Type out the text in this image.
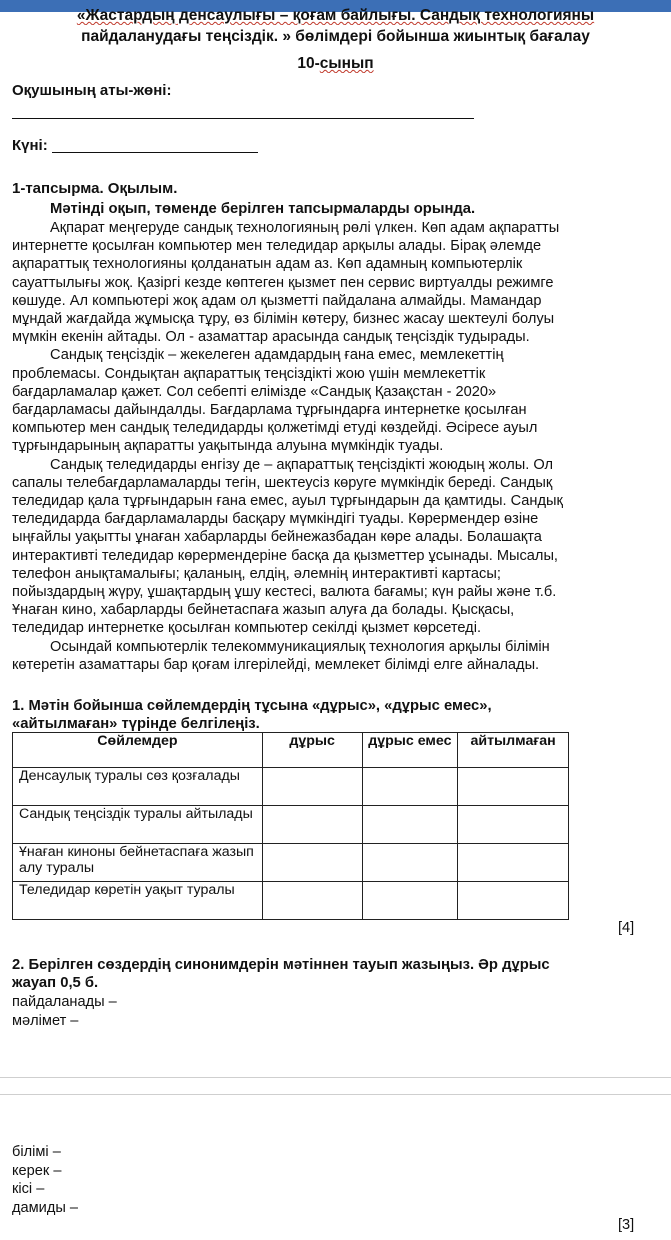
«Жастардың денсаулығы – қоғам байлығы. Сандық технологияны
пайдаланудағы теңсіздік. » бөлімдері бойынша жиынтық бағалау
10-сынып
Оқушының аты-жөні:
Күні:
1-тапсырма. Оқылым.
Мәтінді оқып, төменде берілген тапсырмаларды орында.
Ақпарат меңгеруде сандық технологияның рөлі үлкен. Көп адам ақпаратты
интернетте қосылған компьютер мен теледидар арқылы алады. Бірақ әлемде
ақпараттық технологияны қолданатын адам аз. Көп адамның компьютерлік
сауаттылығы жоқ. Қазіргі кезде көптеген қызмет пен сервис виртуалды режимге
көшуде. Ал компьютері жоқ адам ол қызметті пайдалана алмайды. Мамандар
мұндай жағдайда жұмысқа тұру, өз білімін көтеру, бизнес жасау шектеулі болуы
мүмкін екенін айтады. Ол - азаматтар арасында сандық теңсіздік тудырады.
Сандық теңсіздік – жекелеген адамдардың ғана емес, мемлекеттің
проблемасы. Сондықтан ақпараттық теңсіздікті жою үшін мемлекеттік
бағдарламалар қажет. Сол себепті елімізде «Сандық Қазақстан - 2020»
бағдарламасы дайындалды. Бағдарлама тұрғындарға интернетке қосылған
компьютер мен сандық теледидарды қолжетімді етуді көздейді. Әсіресе ауыл
тұрғындарының ақпаратты уақытында алуына мүмкіндік туады.
Сандық теледидарды енгізу де – ақпараттық теңсіздікті жоюдың жолы. Ол
сапалы телебағдарламаларды тегін, шектеусіз көруге мүмкіндік береді. Сандық
теледидар қала тұрғындарын ғана емес, ауыл тұрғындарын да қамтиды. Сандық
теледидарда бағдарламаларды басқару мүмкіндігі туады. Көрермендер өзіне
ыңғайлы уақытты ұнаған хабарларды бейнежазбадан көре алады. Болашақта
интерактивті теледидар көрермендеріне басқа да қызметтер ұсынады. Мысалы,
телефон анықтамалығы; қаланың, елдің, әлемнің интерактивті картасы;
пойыздардың жүру, ұшақтардың ұшу кестесі, валюта бағамы; күн райы және т.б.
Ұнаған кино, хабарларды бейнетаспаға жазып алуға да болады. Қысқасы,
теледидар интернетке қосылған компьютер секілді қызмет көрсетеді.
Осындай компьютерлік телекоммуникациялық технология арқылы білімін
көтеретін азаматтары бар қоғам ілгерілейді, мемлекет білімді елге айналады.
1. Мәтін бойынша сөйлемдердің тұсына «дұрыс», «дұрыс емес»,
«айтылмаған» түрінде белгілеңіз.
Сөйлемдер	дұрыс	дұрыс емес	айтылмаған
Денсаулық туралы сөз қозғалады			
Сандық теңсіздік туралы айтылады			
Ұнаған киноны бейнетаспаға жазып алу туралы			
Теледидар көретін уақыт туралы			
[4]
2. Берілген сөздердің синонимдерін мәтіннен тауып жазыңыз. Әр дұрыс
жауап 0,5 б.
пайдаланады –
мәлімет –
білімі –
керек –
кісі –
дамиды –
[3]
